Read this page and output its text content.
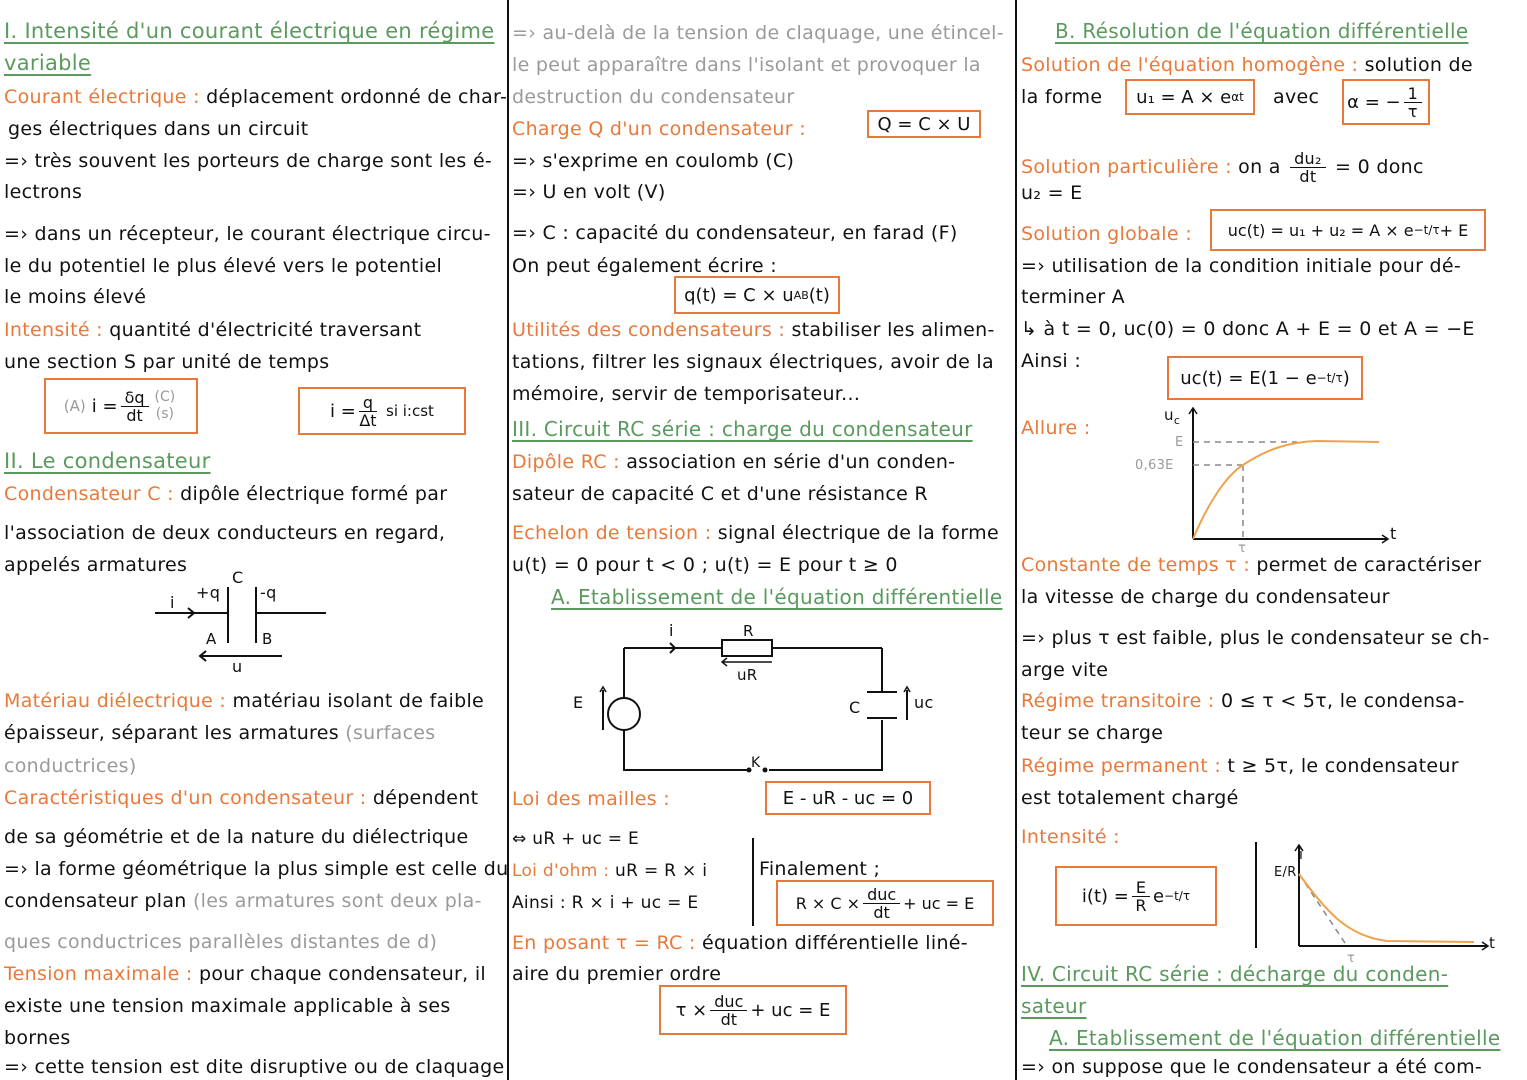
I. Intensité d'un courant électrique en régime
variable
Courant électrique : déplacement ordonné de char-
ges électriques dans un circuit
=› très souvent les porteurs de charge sont les é-
lectrons
=› dans un récepteur, le courant électrique circu-
le du potentiel le plus élevé vers le potentiel
le moins élevé
Intensité : quantité d'électricité traversant
une section S par unité de temps
(A) $i = \frac{\delta q}{dt} (C)$
(s)	$i = \frac{q}{\Delta t}$ si i:cst
II. Le condensateur
Condensateur C : dipôle électrique formé par
l'association de deux conducteurs en regard,
appelés armatures
C
+q -q
i
A	B
u
Matériau diélectrique : matériau isolant de faible
épaisseur, séparant les armatures (surfaces
conductrices)
Caractéristiques d'un condensateur : dépendent
de sa géométrie et de la nature du diélectrique
=› la forme géométrique la plus simple est celle du
condensateur plan (les armatures sont deux pla-
ques conductrices parallèles distantes de d)
Tension maximale : pour chaque condensateur, il
existe une tension maximale applicable à ses
bornes
=› cette tension est dite disruptive ou de claquage
=› au-delà de la tension de claquage, une étincel-
le peut apparaître dans l'isolant et provoquer la
destruction du condensateur
Charge Q d'un condensateur :	Q = C × U
=› s'exprime en coulomb (C)
=› U en volt (V)
=› C : capacité du condensateur, en farad (F)
On peut également écrire :
q(t) = C × u AB (t)
Utilités des condensateurs : stabiliser les alimen-
tations, filtrer les signaux électriques, avoir de la
mémoire, servir de temporisateur...
III. Circuit RC série : charge du condensateur
Dipôle RC : association en série d'un conden-
sateur de capacité C et d'une résistance R
Echelon de tension : signal électrique de la forme
u(t) = 0 pour t < 0 ; u(t) = E pour t ≥ 0
A. Etablissement de l'équation différentielle
i	R
uR
E	C	uc
K
Loi des mailles :	E - uR - uc = 0
⇔ uR + uc = E
Loi d'ohm : uR = R × i
Ainsi : R × i + uc = E
Finalement ;
$R \times C \times \frac{\text{duc}}{dt}$ + uc = E
En posant τ = RC : équation différentielle liné-
aire du premier ordre
$\tau \times \frac{\text{duc}}{dt}$ + uc = E
B. Résolution de l'équation différentielle
Solution de l'équation homogène : solution de
la forme u₁ = A × e αt avec α = − $\frac{1}{\tau}$
Solution particulière : on a $\frac{\text{du₂}}{dt} = 0$ donc
u₂ = E
Solution globale : uc(t) = u₁ + u₂ = A × e −t/τ + E
=› utilisation de la condition initiale pour dé-
terminer A
↳ à t = 0, uc(0) = 0 donc A + E = 0 et A = −E
Ainsi :
uc(t) = E(1 − e −t/τ )
Allure :
$u_c$
E
0,63E
τ
t
Constante de temps τ : permet de caractériser
la vitesse de charge du condensateur
=› plus τ est faible, plus le condensateur se ch-
arge vite
Régime transitoire : 0 ≤ τ < 5τ, le condensa-
teur se charge
Régime permanent : t ≥ 5τ, le condensateur
est totalement chargé
Intensité :
$i(t) = \frac{E}{R}$ e −t/τ
i
E/R
τ
t
IV. Circuit RC série : décharge du conden-
sateur
A. Etablissement de l'équation différentielle
=› on suppose que le condensateur a été com-
